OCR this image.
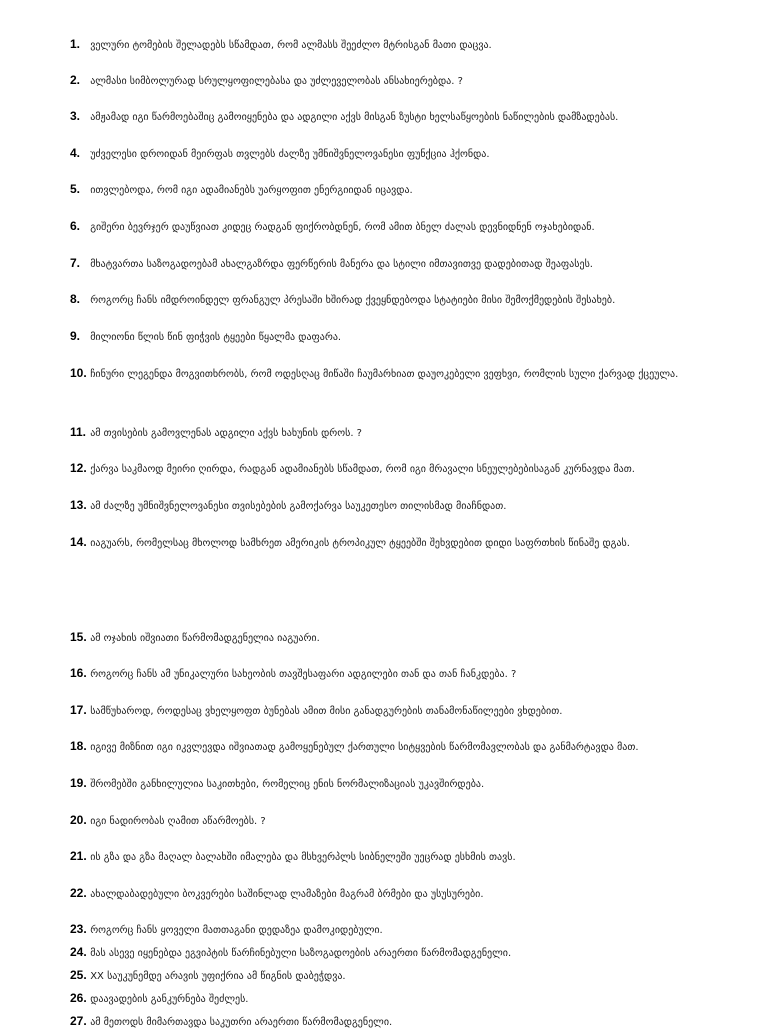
1. ველური ტომების შელადებს სწამდათ, რომ ალმასს შეეძლო მტრისგან მათი დაცვა.
2. ალმასი სიმბოლურად სრულყოფილებასა და უძლეველობას ანსახიერებდა. ?
3. ამჟამად იგი წარმოებაშიც გამოიყენება და ადგილი აქვს მისგან ზუსტი ხელსაწყოების ნაწილების დამზადებას.
4. უძველესი დროიდან მეირფას თვლებს ძალზე უმნიშვნელოვანესი ფუნქცია ჰქონდა.
5. ითვლებოდა, რომ იგი ადამიანებს უარყოფით ენერგიიდან იცავდა.
6. გიშერი ბევრჯერ დაუწვიათ კიდეც რადგან ფიქრობდნენ, რომ ამით ბნელ ძალას დევნიდნენ ოჯახებიდან.
7. მხატვართა საზოგადოებამ ახალგაზრდა ფერწერის მანერა და სტილი იმთავითვე დადებითად შეაფასეს.
8. როგორც ჩანს იმდროინდელ ფრანგულ პრესაში ხშირად ქვეყნდებოდა სტატიები მისი შემოქმედების შესახებ.
9. მილიონი წლის წინ ფიჭვის ტყეები წყალმა დაფარა.
10. ჩინური ლეგენდა მოგვითხრობს, რომ ოდესღაც მიწაში ჩაუმარხიათ დაუოკებელი ვეფხვი, რომლის სული ქარვად ქცეულა.
11. ამ თვისების გამოვლენას ადგილი აქვს ხახუნის დროს. ?
12. ქარვა საკმაოდ მეირი ღირდა, რადგან ადამიანებს სწამდათ, რომ იგი მრავალი სნეულებებისაგან კურნავდა მათ.
13. ამ ძალზე უმნიშვნელოვანესი თვისებების გამოქარვა საუკეთესო თილისმად მიაჩნდათ.
14. იაგუარს, რომელსაც მხოლოდ სამხრეთ ამერიკის ტროპიკულ ტყეებში შეხვდებით დიდი საფრთხის წინაშე დგას.
15. ამ ოჯახის იშვიათი წარმომადგენელია იაგუარი.
16. როგორც ჩანს ამ უნიკალური სახეობის თავშესაფარი ადგილები თან და თან ჩანკდება. ?
17. სამწუხაროდ, როდესაც ვხელყოფთ ბუნებას ამით მისი განადგურების თანამონაწილეები ვხდებით.
18. იგივე მიზნით იგი იკვლევდა იშვიათად გამოყენებულ ქართული სიტყვების წარმომავლობას და განმარტავდა მათ.
19. შრომებში განხილულია საკითხები, რომელიც ენის ნორმალიზაციას უკავშირდება.
20. იგი ნადირობას ღამით აწარმოებს. ?
21. ის გზა და გზა მაღალ ბალახში იმალება და მსხვერპლს სიბნელეში უეცრად ესხმის თავს.
22. ახალდაბადებული ბოკვერები საშინლად ლამაზები მაგრამ ბრმები და უსუსურები.
23. როგორც ჩანს ყოველი მათთაგანი დედაზეა დამოკიდებული.
24. მას ასევე იყენებდა ეგვიპტის წარჩინებული საზოგადოების არაერთი წარმომადგენელი.
25. XX საუკუნემდე არავის უფიქრია ამ წიგნის დაბეჭდვა.
26. დაავადების განკურნება შეძლეს.
27. ამ მეთოდს მიმართავდა საკუთრი არაერთი წარმომადგენელი.
